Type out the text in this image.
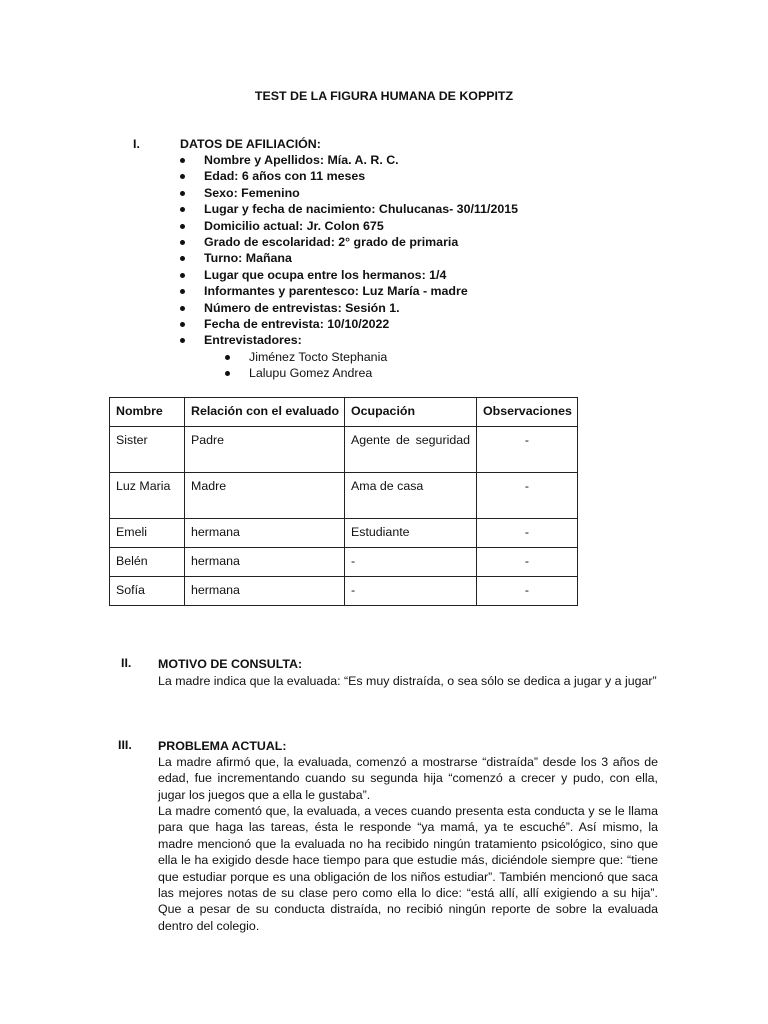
TEST DE LA FIGURA HUMANA DE KOPPITZ
I.	DATOS DE AFILIACIÓN:
Nombre y Apellidos: Mía. A. R. C.
Edad: 6 años con 11 meses
Sexo: Femenino
Lugar y fecha de nacimiento: Chulucanas- 30/11/2015
Domicilio actual: Jr. Colon 675
Grado de escolaridad: 2° grado de primaria
Turno: Mañana
Lugar que ocupa entre los hermanos: 1/4
Informantes y parentesco: Luz María - madre
Número de entrevistas: Sesión 1.
Fecha de entrevista: 10/10/2022
Entrevistadores:
Jiménez Tocto Stephania
Lalupu Gomez Andrea
Nombre	Relación con el evaluado	Ocupación	Observaciones
Sister	Padre	Agente de seguridad	-
Luz Maria	Madre	Ama de casa	-
Emeli	hermana	Estudiante	-
Belén	hermana	-	-
Sofía	hermana	-	-
II. MOTIVO DE CONSULTA:
La madre indica que la evaluada: “Es muy distraída, o sea sólo se dedica a jugar y a jugar”
III. PROBLEMA ACTUAL:
La madre afirmó que, la evaluada, comenzó a mostrarse “distraída” desde los 3 años de edad, fue incrementando cuando su segunda hija “comenzó a crecer y pudo, con ella, jugar los juegos que a ella le gustaba”.
La madre comentó que, la evaluada, a veces cuando presenta esta conducta y se le llama para que haga las tareas, ésta le responde “ya mamá, ya te escuché”. Así mismo, la madre mencionó que la evaluada no ha recibido ningún tratamiento psicológico, sino que ella le ha exigido desde hace tiempo para que estudie más, diciéndole siempre que: “tiene que estudiar porque es una obligación de los niños estudiar”. También mencionó que saca las mejores notas de su clase pero como ella lo dice: “está allí, allí exigiendo a su hija”. Que a pesar de su conducta distraída, no recibió ningún reporte de sobre la evaluada dentro del colegio.
